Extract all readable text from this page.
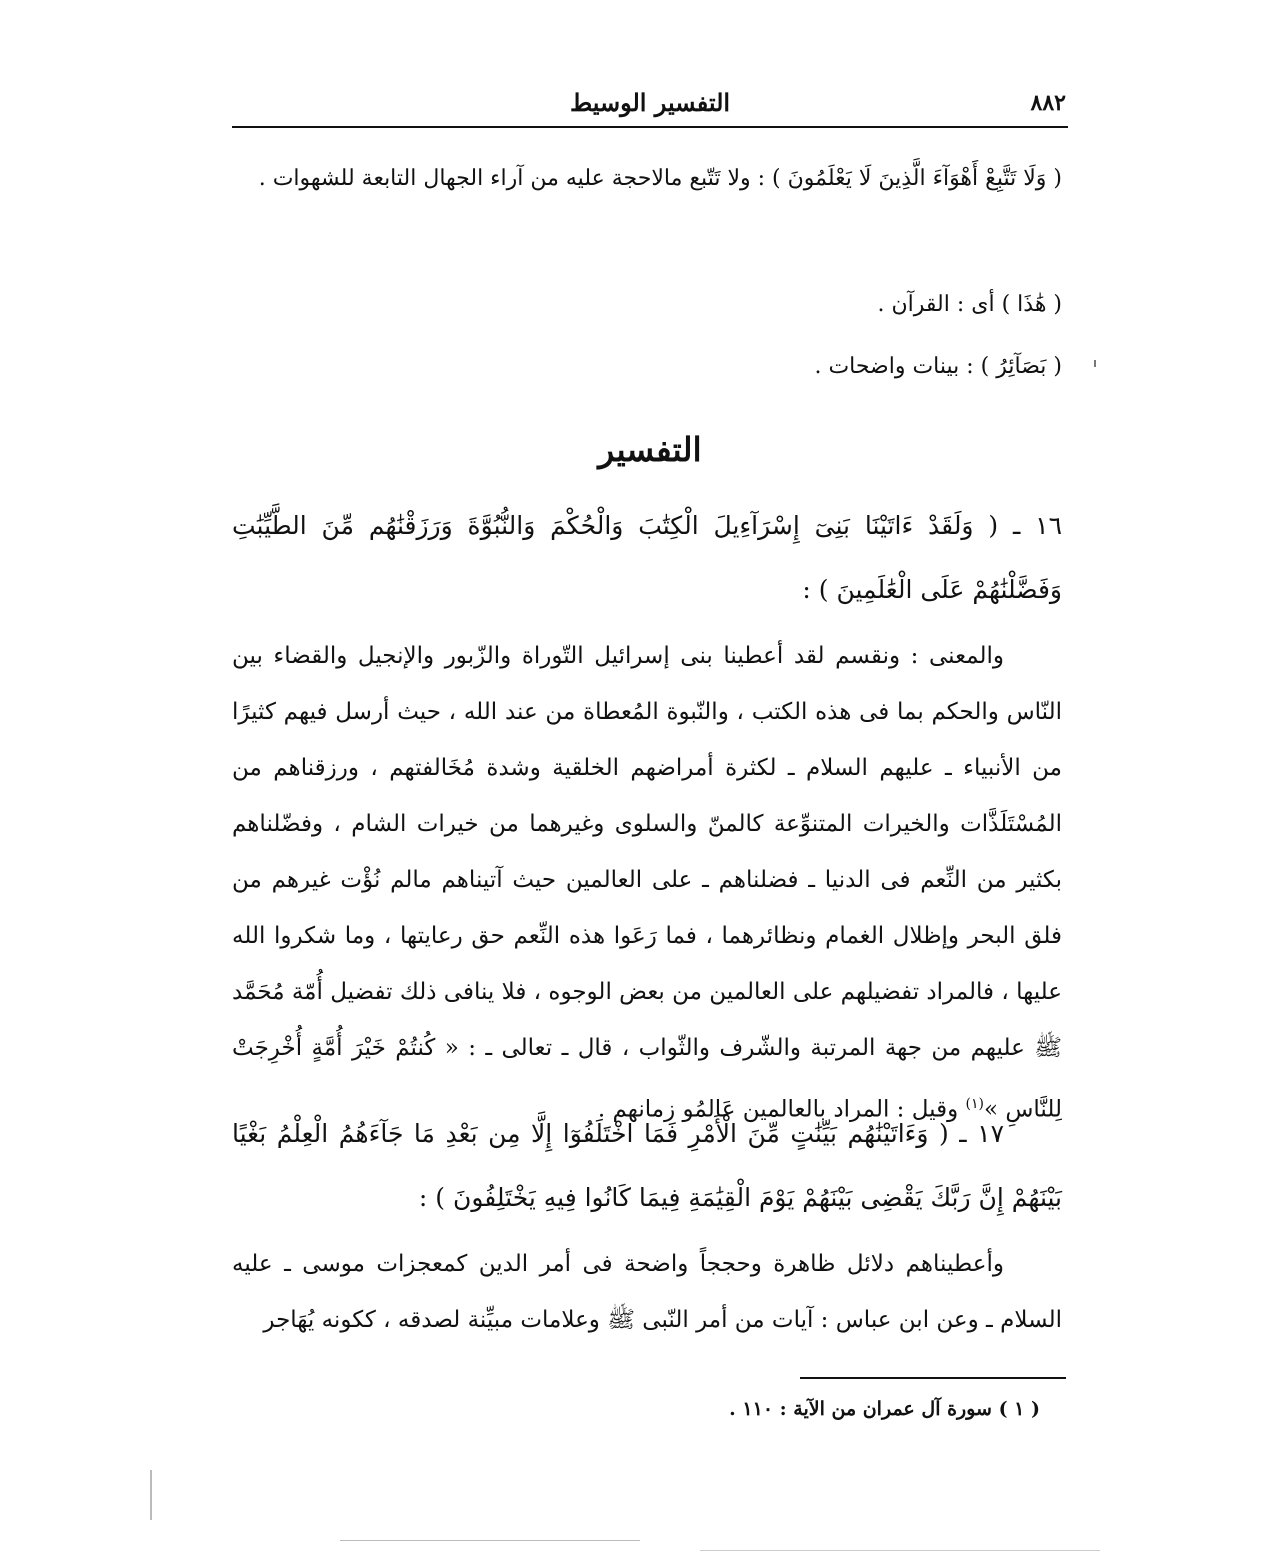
٨٨٢
التفسير الوسيط
( وَلَا تَتَّبِعْ أَهْوَآءَ الَّذِينَ لَا يَعْلَمُونَ ) : ولا تَتّبع مالاحجة عليه من آراء الجهال التابعة للشهوات .
( هَٰذَا ) أى : القرآن .
( بَصَآئِرُ ) : بينات واضحات .
التفسير
١٦ ـ ( وَلَقَدْ ءَاتَيْنَا بَنِىٓ إِسْرَآءِيلَ الْكِتَٰبَ وَالْحُكْمَ وَالنُّبُوَّةَ وَرَزَقْنَٰهُم مِّنَ الطَّيِّبَٰتِ وَفَضَّلْنَٰهُمْ عَلَى الْعَٰلَمِينَ ) :
والمعنى : ونقسم لقد أعطينا بنى إسرائيل التّوراة والزّبور والإنجيل والقضاء بين النّاس والحكم بما فى هذه الكتب ، والنّبوة المُعطاة من عند الله ، حيث أرسل فيهم كثيرًا من الأنبياء ـ عليهم السلام ـ لكثرة أمراضهم الخلقية وشدة مُخَالفتهم ، ورزقناهم من المُسْتَلَذَّات والخيرات المتنوِّعة كالمنّ والسلوى وغيرهما من خيرات الشام ، وفضّلناهم بكثير من النِّعم فى الدنيا ـ فضلناهم ـ على العالمين حيث آتيناهم مالم نُؤْت غيرهم من فلق البحر وإظلال الغمام ونظائرهما ، فما رَعَوا هذه النِّعم حق رعايتها ، وما شكروا الله عليها ، فالمراد تفضيلهم على العالمين من بعض الوجوه ، فلا ينافى ذلك تفضيل أُمّة مُحَمَّد ﷺ عليهم من جهة المرتبة والشّرف والثّواب ، قال ـ تعالى ـ : « كُنتُمْ خَيْرَ أُمَّةٍ أُخْرِجَتْ لِلنَّاسِ »$^{(١)}$ وقيل : المراد بالعالمين عَالمُو زمانهم .
١٧ ـ ( وَءَاتَيْنَٰهُم بَيِّنَٰتٍ مِّنَ الْأَمْرِ فَمَا اخْتَلَفُوٓا إِلَّا مِن بَعْدِ مَا جَآءَهُمُ الْعِلْمُ بَغْيًا بَيْنَهُمْ إِنَّ رَبَّكَ يَقْضِى بَيْنَهُمْ يَوْمَ الْقِيَٰمَةِ فِيمَا كَانُوا فِيهِ يَخْتَلِفُونَ ) :
وأعطيناهم دلائل ظاهرة وحججاً واضحة فى أمر الدين كمعجزات موسى ـ عليه السلام ـ وعن ابن عباس : آيات من أمر النّبى ﷺ وعلامات مبيِّنة لصدقه ، ككونه يُهَاجر
( ١ ) سورة آل عمران من الآية : ١١٠ .
